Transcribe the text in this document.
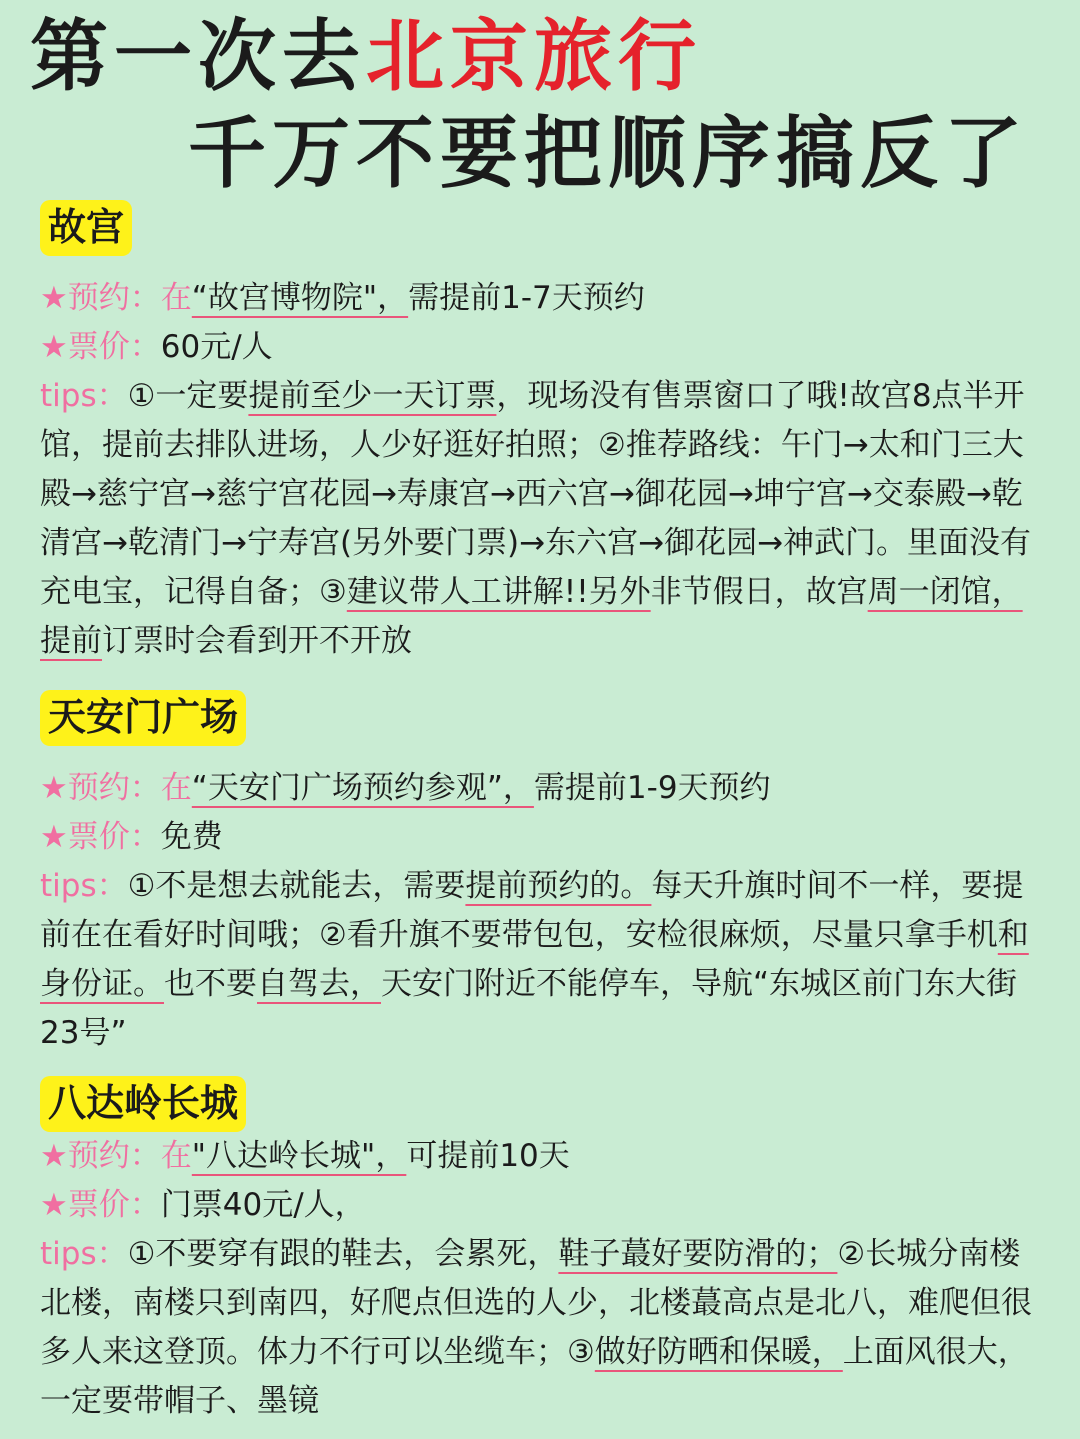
第一次去北京旅行
千万不要把顺序搞反了
故宫
★预约：在“故宫博物院"，需提前1-7天预约
★票价：60元/人
tips：①一定要提前至少一天订票，现场没有售票窗口了哦!故宫8点半开馆，提前去排队进场，人少好逛好拍照；②推荐路线：午门→太和门三大殿→慈宁宫→慈宁宫花园→寿康宫→西六宫→御花园→坤宁宫→交泰殿→乾清宫→乾清门→宁寿宫(另外要门票)→东六宫→御花园→神武门。里面没有充电宝，记得自备；③建议带人工讲解!!另外非节假日，故宫周一闭馆，提前订票时会看到开不开放
天安门广场
★预约：在“天安门广场预约参观”，需提前1-9天预约
★票价：免费
tips：①不是想去就能去，需要提前预约的。每天升旗时间不一样，要提前在在看好时间哦；②看升旗不要带包包，安检很麻烦，尽量只拿手机和身份证。也不要自驾去，天安门附近不能停车，导航“东城区前门东大街23号”
八达岭长城
★预约：在"八达岭长城"，可提前10天
★票价：门票40元/人，
tips：①不要穿有跟的鞋去，会累死，鞋子蕞好要防滑的；②长城分南楼北楼，南楼只到南四，好爬点但选的人少，北楼蕞高点是北八，难爬但很多人来这登顶。体力不行可以坐缆车；③做好防晒和保暖，上面风很大，一定要带帽子、墨镜
